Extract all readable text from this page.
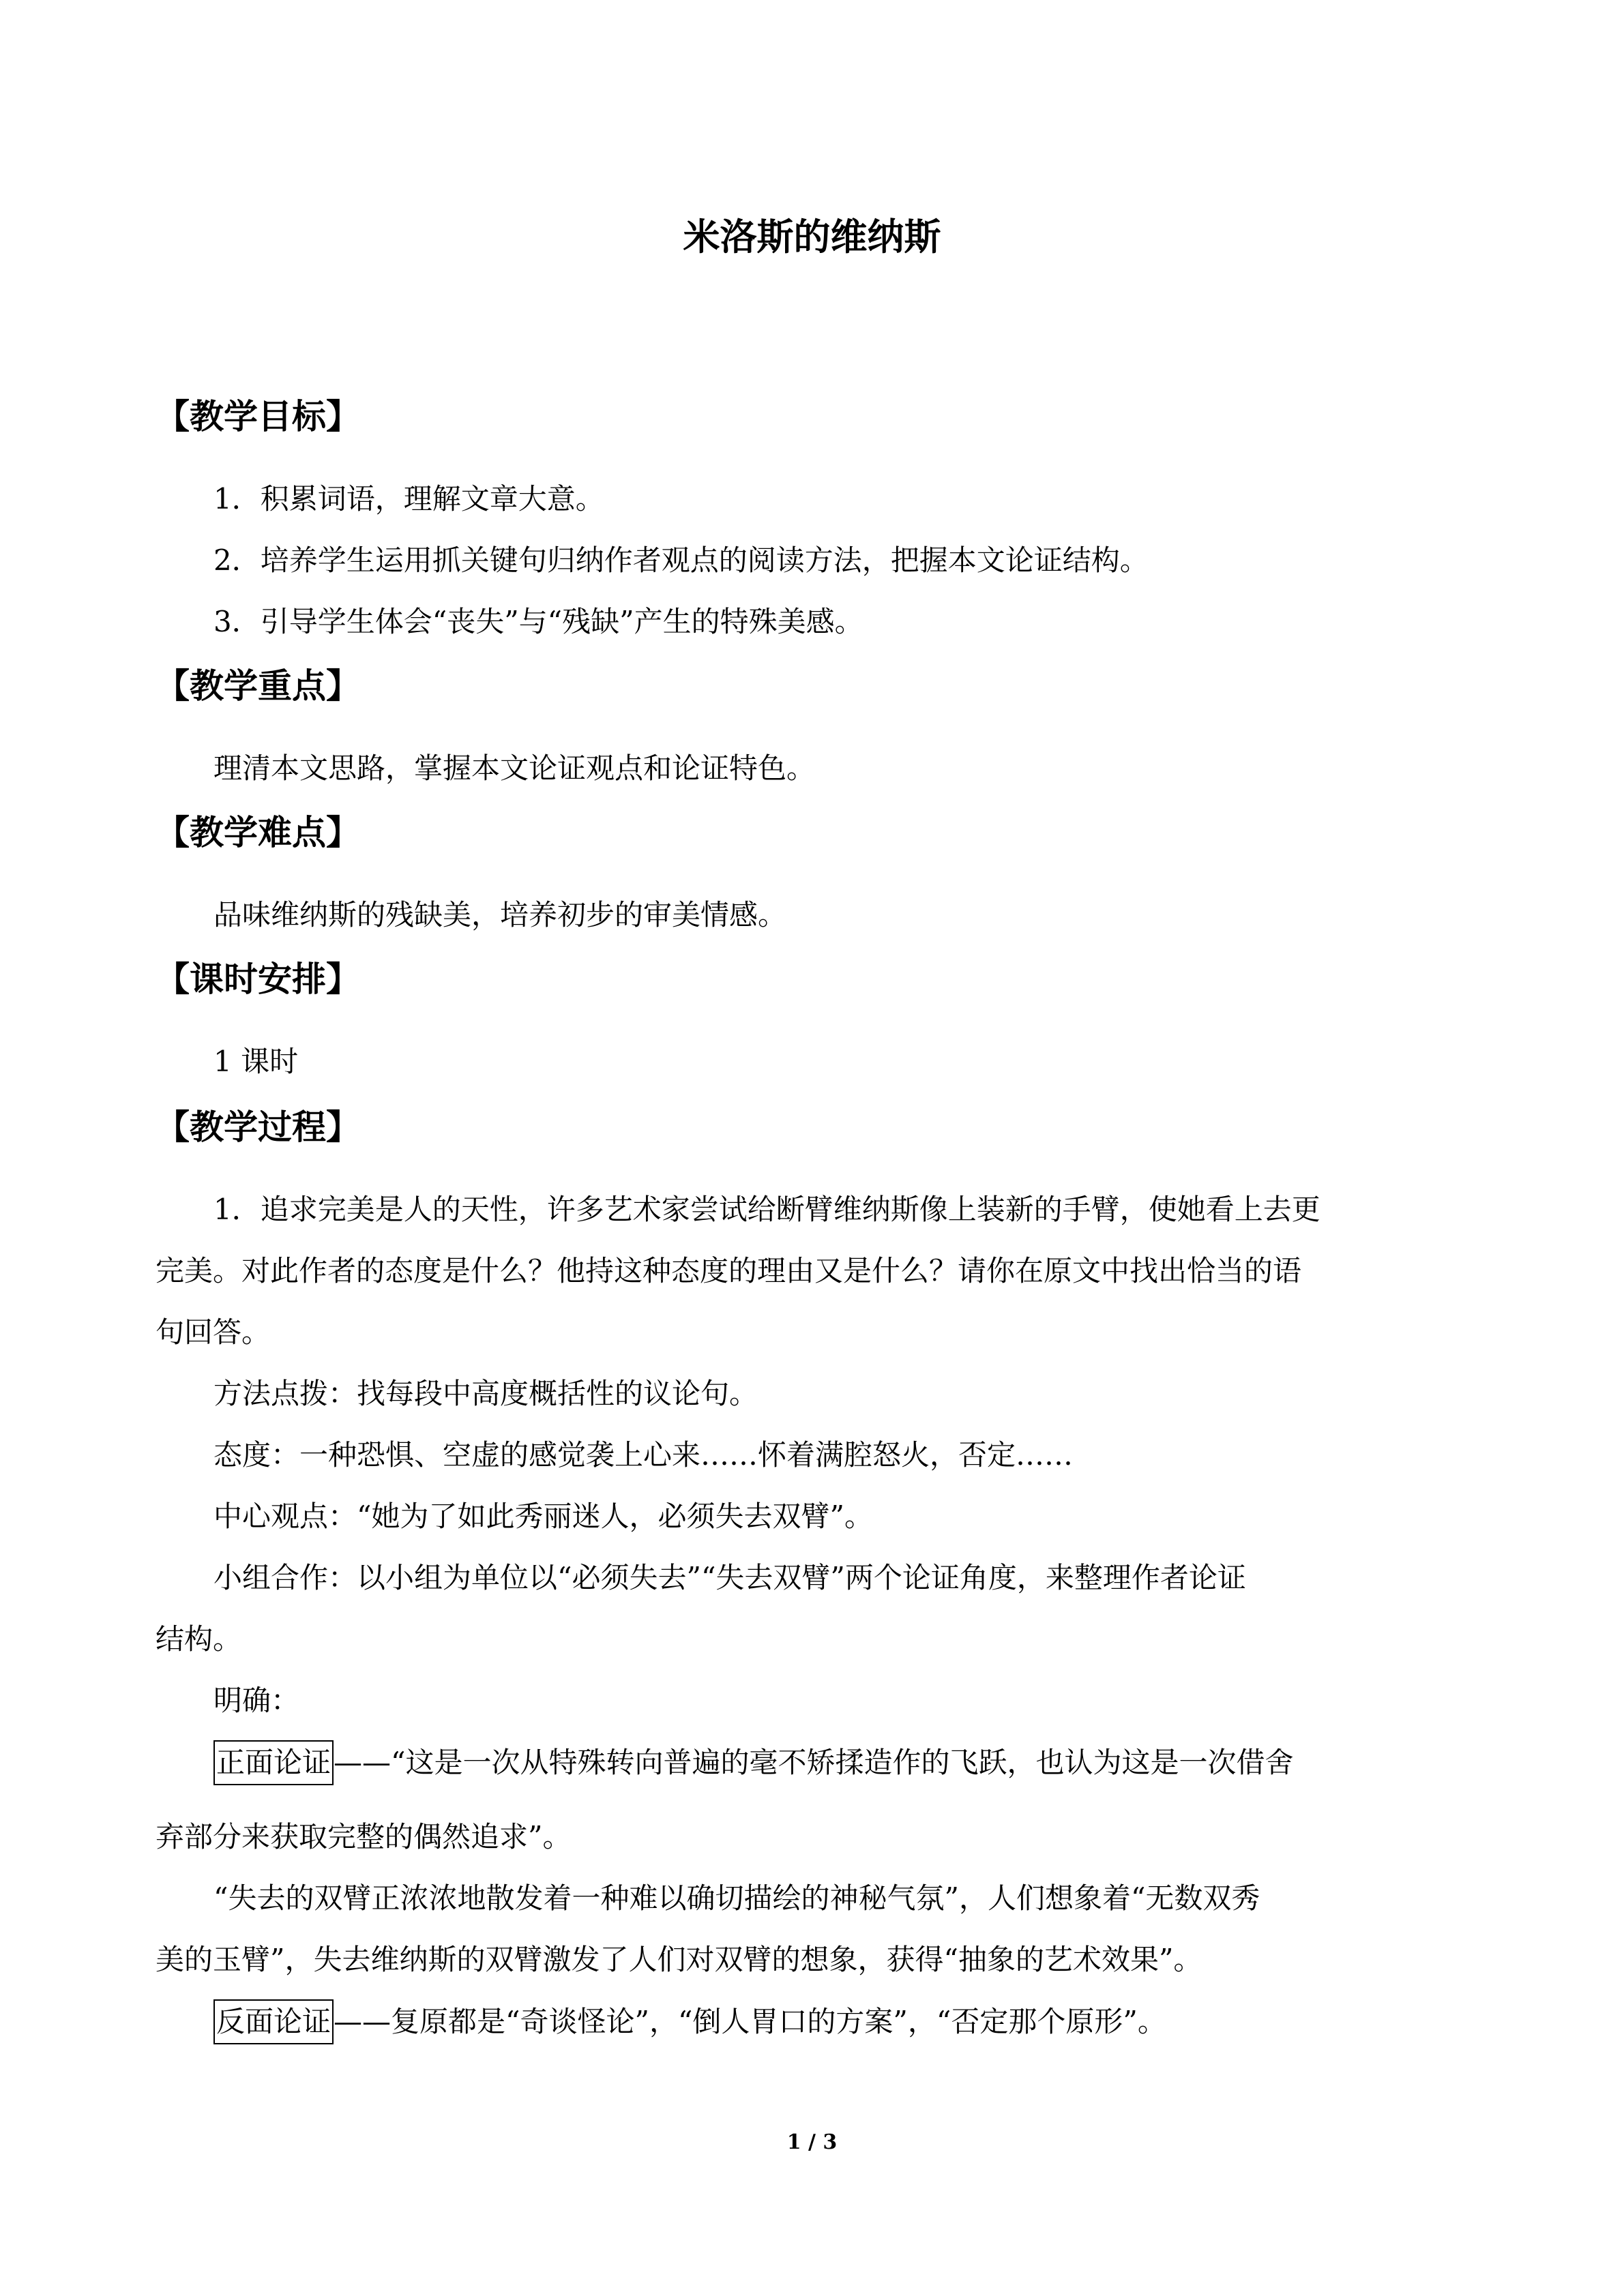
米洛斯的维纳斯
【教学目标】
1．积累词语，理解文章大意。
2．培养学生运用抓关键句归纳作者观点的阅读方法，把握本文论证结构。
3．引导学生体会“丧失”与“残缺”产生的特殊美感。
【教学重点】
理清本文思路，掌握本文论证观点和论证特色。
【教学难点】
品味维纳斯的残缺美，培养初步的审美情感。
【课时安排】
1 课时
【教学过程】
1．追求完美是人的天性，许多艺术家尝试给断臂维纳斯像上装新的手臂，使她看上去更
完美。对此作者的态度是什么？他持这种态度的理由又是什么？请你在原文中找出恰当的语
句回答。
方法点拨：找每段中高度概括性的议论句。
态度：一种恐惧、空虚的感觉袭上心来……怀着满腔怒火，否定……
中心观点：“她为了如此秀丽迷人，必须失去双臂”。
小组合作：以小组为单位以“必须失去”“失去双臂”两个论证角度，来整理作者论证
结构。
明确：
正面论证——“这是一次从特殊转向普遍的毫不矫揉造作的飞跃，也认为这是一次借舍
弃部分来获取完整的偶然追求”。
“失去的双臂正浓浓地散发着一种难以确切描绘的神秘气氛”，人们想象着“无数双秀
美的玉臂”，失去维纳斯的双臂激发了人们对双臂的想象，获得“抽象的艺术效果”。
反面论证——复原都是“奇谈怪论”，“倒人胃口的方案”，“否定那个原形”。
1 / 3
